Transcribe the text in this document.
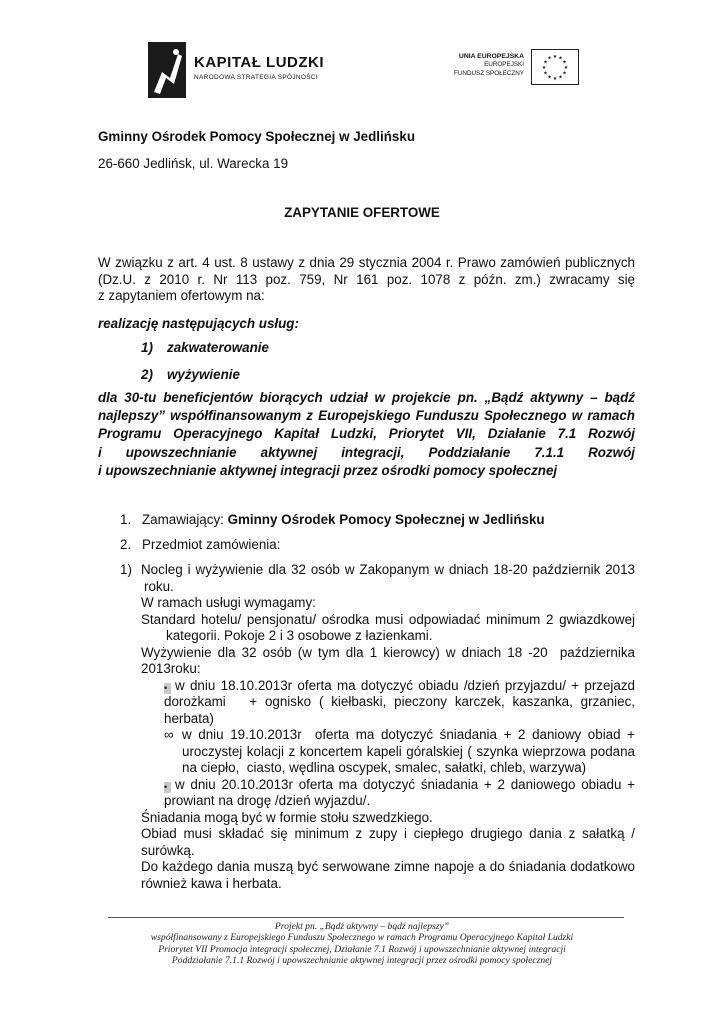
KAPITAŁ LUDZKI
NARODOWA STRATEGIA SPÓJNOŚCI
UNIA EUROPEJSKA
EUROPEJSKI
FUNDUSZ SPOŁECZNY
★ ★
★
★
★
★
★
★
★
★
★
★
Gminny Ośrodek Pomocy Społecznej w Jedlińsku
26-660 Jedlińsk, ul. Warecka 19
ZAPYTANIE OFERTOWE
W związku z art. 4 ust. 8 ustawy z dnia 29 stycznia 2004 r. Prawo zamówień publicznych
(Dz.U. z 2010 r. Nr 113 poz. 759, Nr 161 poz. 1078 z późn. zm.) zwracamy się
z zapytaniem ofertowym na:
realizację następujących usług:
1) zakwaterowanie
2) wyżywienie
dla 30-tu beneficjentów biorących udział w projekcie pn. „Bądź aktywny – bądź
najlepszy” współfinansowanym z Europejskiego Funduszu Społecznego w ramach
Programu Operacyjnego Kapitał Ludzki, Priorytet VII, Działanie 7.1 Rozwój
i upowszechnianie aktywnej integracji, Poddziałanie 7.1.1 Rozwój
i upowszechnianie aktywnej integracji przez ośrodki pomocy społecznej
1. Zamawiający: Gminny Ośrodek Pomocy Społecznej w Jedlińsku
2. Przedmiot zamówienia:
1) Nocleg i wyżywienie dla 32 osób w Zakopanym w dniach 18-20 październik 2013
roku.
W ramach usługi wymagamy:
Standard hotelu/ pensjonatu/ ośrodka musi odpowiadać minimum 2 gwiazdkowej
kategorii. Pokoje 2 i 3 osobowe z łazienkami.
Wyżywienie dla 32 osób (w tym dla 1 kierowcy) w dniach 18 -20  października
2013roku:
• w dniu 18.10.2013r oferta ma dotyczyć obiadu /dzień przyjazdu/ + przejazd
dorożkami   + ognisko ( kiełbaski, pieczony karczek, kaszanka, grzaniec,
herbata)
∞ w dniu 19.10.2013r  oferta ma dotyczyć śniadania + 2 daniowy obiad +
uroczystej kolacji z koncertem kapeli góralskiej ( szynka wieprzowa podana
na ciepło,  ciasto, wędlina oscypek, smalec, sałatki, chleb, warzywa)
• w dniu 20.10.2013r oferta ma dotyczyć śniadania + 2 daniowego obiadu +
prowiant na drogę /dzień wyjazdu/.
Śniadania mogą być w formie stołu szwedzkiego.
Obiad musi składać się minimum z zupy i ciepłego drugiego dania z sałatką /
surówką.
Do każdego dania muszą być serwowane zimne napoje a do śniadania dodatkowo
również kawa i herbata.
Projekt pn. „Bądź aktywny – bądź najlepszy”
współfinansowany z Europejskiego Funduszu Społecznego w ramach Programu Operacyjnego Kapitał Ludzki
Priorytet VII Promocja integracji społecznej, Działanie 7.1 Rozwój i upowszechnianie aktywnej integracji
Poddziałanie 7.1.1 Rozwój i upowszechnianie aktywnej integracji przez ośrodki pomocy społecznej
